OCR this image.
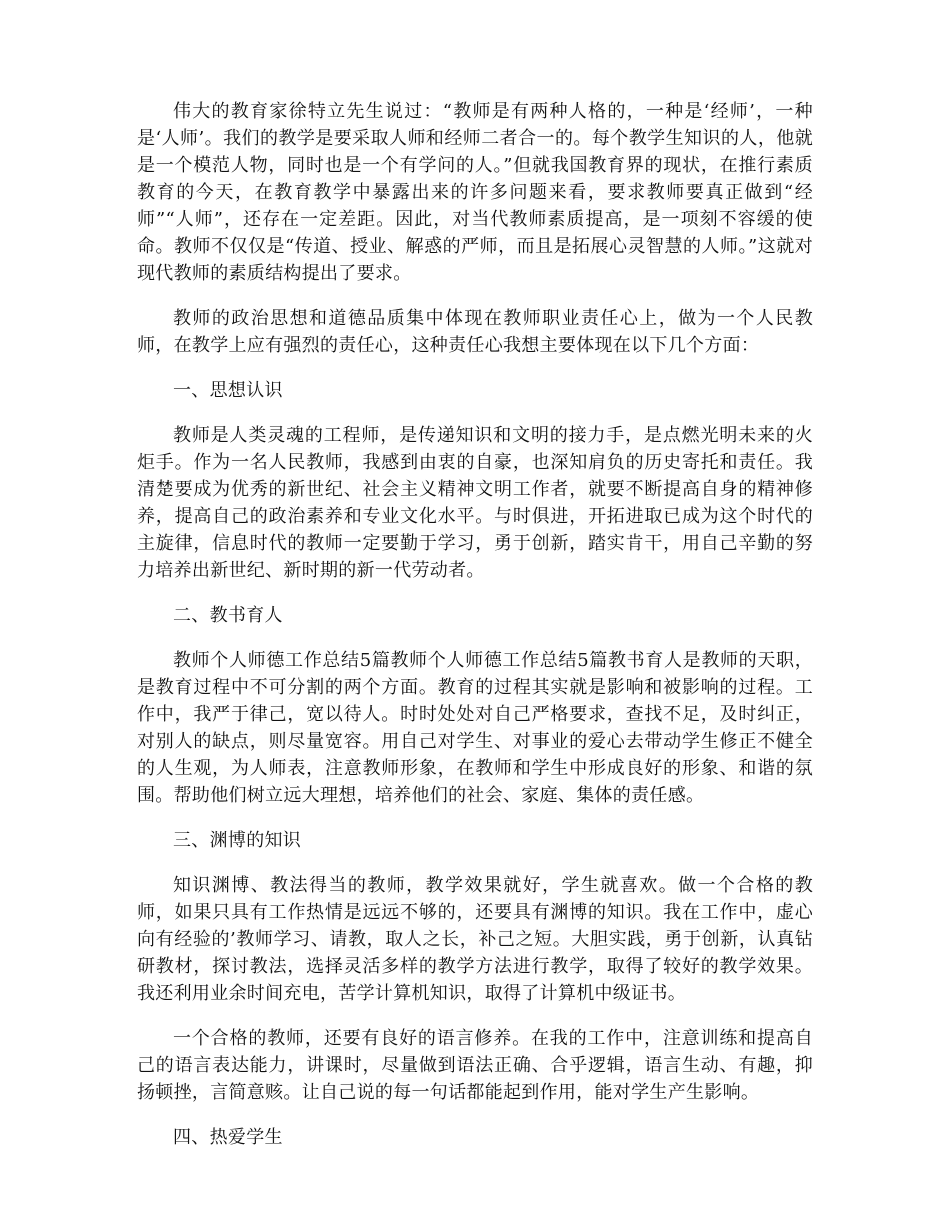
伟大的教育家徐特立先生说过：“教师是有两种人格的，一种是‘经师’，一种是‘人师’。我们的教学是要采取人师和经师二者合一的。每个教学生知识的人，他就是一个模范人物，同时也是一个有学问的人。”但就我国教育界的现状，在推行素质教育的今天，在教育教学中暴露出来的许多问题来看，要求教师要真正做到“经师”“人师”，还存在一定差距。因此，对当代教师素质提高，是一项刻不容缓的使命。教师不仅仅是“传道、授业、解惑的严师，而且是拓展心灵智慧的人师。”这就对现代教师的素质结构提出了要求。

教师的政治思想和道德品质集中体现在教师职业责任心上，做为一个人民教师，在教学上应有强烈的责任心，这种责任心我想主要体现在以下几个方面：

一、思想认识

教师是人类灵魂的工程师，是传递知识和文明的接力手，是点燃光明未来的火炬手。作为一名人民教师，我感到由衷的自豪，也深知肩负的历史寄托和责任。我清楚要成为优秀的新世纪、社会主义精神文明工作者，就要不断提高自身的精神修养，提高自己的政治素养和专业文化水平。与时俱进，开拓进取已成为这个时代的主旋律，信息时代的教师一定要勤于学习，勇于创新，踏实肯干，用自己辛勤的努力培养出新世纪、新时期的新一代劳动者。

二、教书育人

教师个人师德工作总结5篇教师个人师德工作总结5篇教书育人是教师的天职，是教育过程中不可分割的两个方面。教育的过程其实就是影响和被影响的过程。工作中，我严于律己，宽以待人。时时处处对自己严格要求，查找不足，及时纠正，对别人的缺点，则尽量宽容。用自己对学生、对事业的爱心去带动学生修正不健全的人生观，为人师表，注意教师形象，在教师和学生中形成良好的形象、和谐的氛围。帮助他们树立远大理想，培养他们的社会、家庭、集体的责任感。

三、渊博的知识

知识渊博、教法得当的教师，教学效果就好，学生就喜欢。做一个合格的教师，如果只具有工作热情是远远不够的，还要具有渊博的知识。我在工作中，虚心向有经验的’教师学习、请教，取人之长，补己之短。大胆实践，勇于创新，认真钻研教材，探讨教法，选择灵活多样的教学方法进行教学，取得了较好的教学效果。我还利用业余时间充电，苦学计算机知识，取得了计算机中级证书。

一个合格的教师，还要有良好的语言修养。在我的工作中，注意训练和提高自己的语言表达能力，讲课时，尽量做到语法正确、合乎逻辑，语言生动、有趣，抑扬顿挫，言简意赅。让自己说的每一句话都能起到作用，能对学生产生影响。

四、热爱学生
